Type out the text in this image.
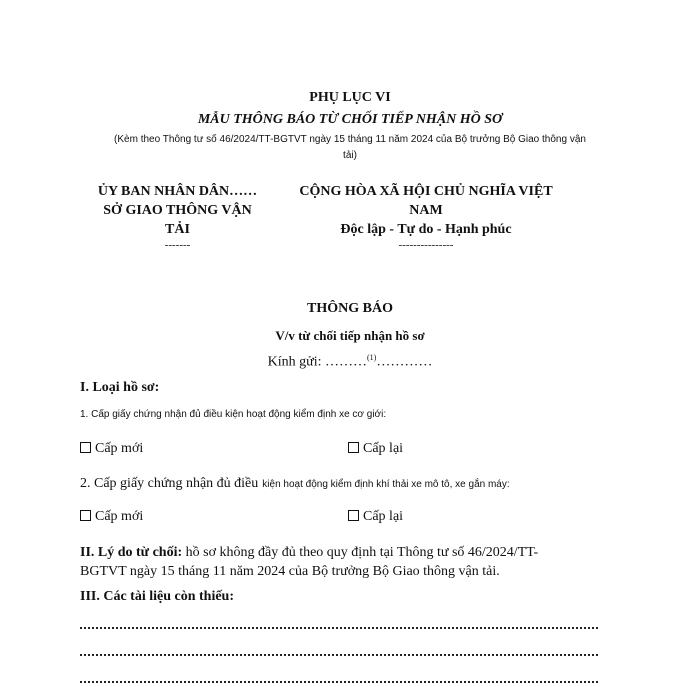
PHỤ LỤC VI
MẪU THÔNG BÁO TỪ CHỐI TIẾP NHẬN HỒ SƠ
(Kèm theo Thông tư số 46/2024/TT-BGTVT ngày 15 tháng 11 năm 2024 của Bộ trưởng Bộ Giao thông vận
tải)
ỦY BAN NHÂN DÂN……
SỞ GIAO THÔNG VẬN
TẢI
-------
CỘNG HÒA XÃ HỘI CHỦ NGHĨA VIỆT
NAM
Độc lập - Tự do - Hạnh phúc
---------------
THÔNG BÁO
V/v từ chối tiếp nhận hồ sơ
Kính gửi: ………$^{(1)}$…………
I. Loại hồ sơ:
1. Cấp giấy chứng nhận đủ điều kiện hoạt động kiểm định xe cơ giới:
Cấp mới	Cấp lại
2. Cấp giấy chứng nhận đủ điều kiện hoạt động kiểm định khí thải xe mô tô, xe gắn máy:
Cấp mới	Cấp lại
II. Lý do từ chối: hồ sơ không đầy đủ theo quy định tại Thông tư số 46/2024/TT-
BGTVT ngày 15 tháng 11 năm 2024 của Bộ trưởng Bộ Giao thông vận tải.
III. Các tài liệu còn thiếu:
